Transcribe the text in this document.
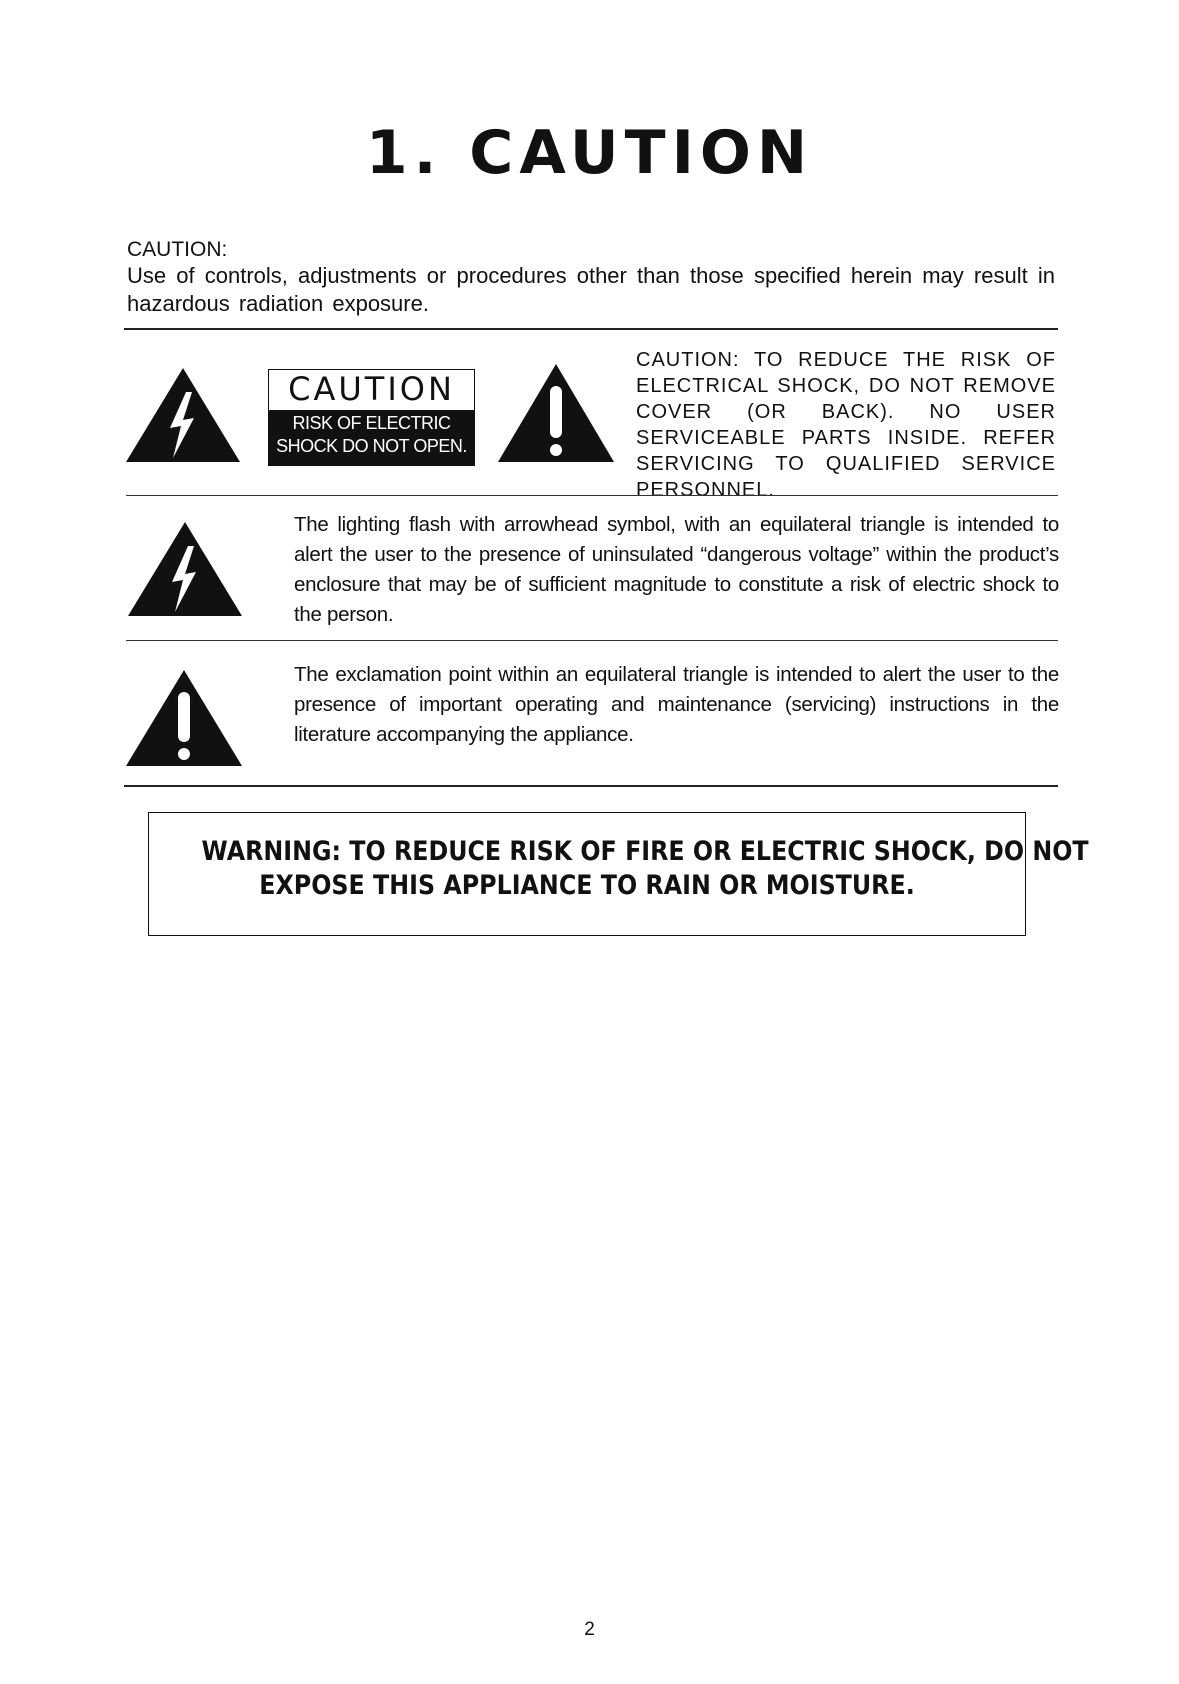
1. CAUTION
CAUTION:
Use of controls, adjustments or procedures other than those specified herein may result in hazardous radiation exposure.
CAUTION
RISK OF ELECTRIC
SHOCK DO NOT OPEN.
CAUTION: TO REDUCE THE RISK OF ELECTRICAL SHOCK, DO NOT REMOVE COVER (OR BACK). NO USER SERVICEABLE PARTS INSIDE. REFER SERVICING TO QUALIFIED SERVICE PERSONNEL.
The lighting flash with arrowhead symbol, with an equilateral triangle is intended to alert the user to the presence of uninsulated “dangerous voltage” within the product’s enclosure that may be of sufficient magnitude to constitute a risk of electric shock to the person.
The exclamation point within an equilateral triangle is intended to alert the user to the presence of important operating and maintenance (servicing) instructions in the literature accompanying the appliance.
WARNING: TO REDUCE RISK OF FIRE OR ELECTRIC SHOCK, DO NOT
EXPOSE THIS APPLIANCE TO RAIN OR MOISTURE.
2
